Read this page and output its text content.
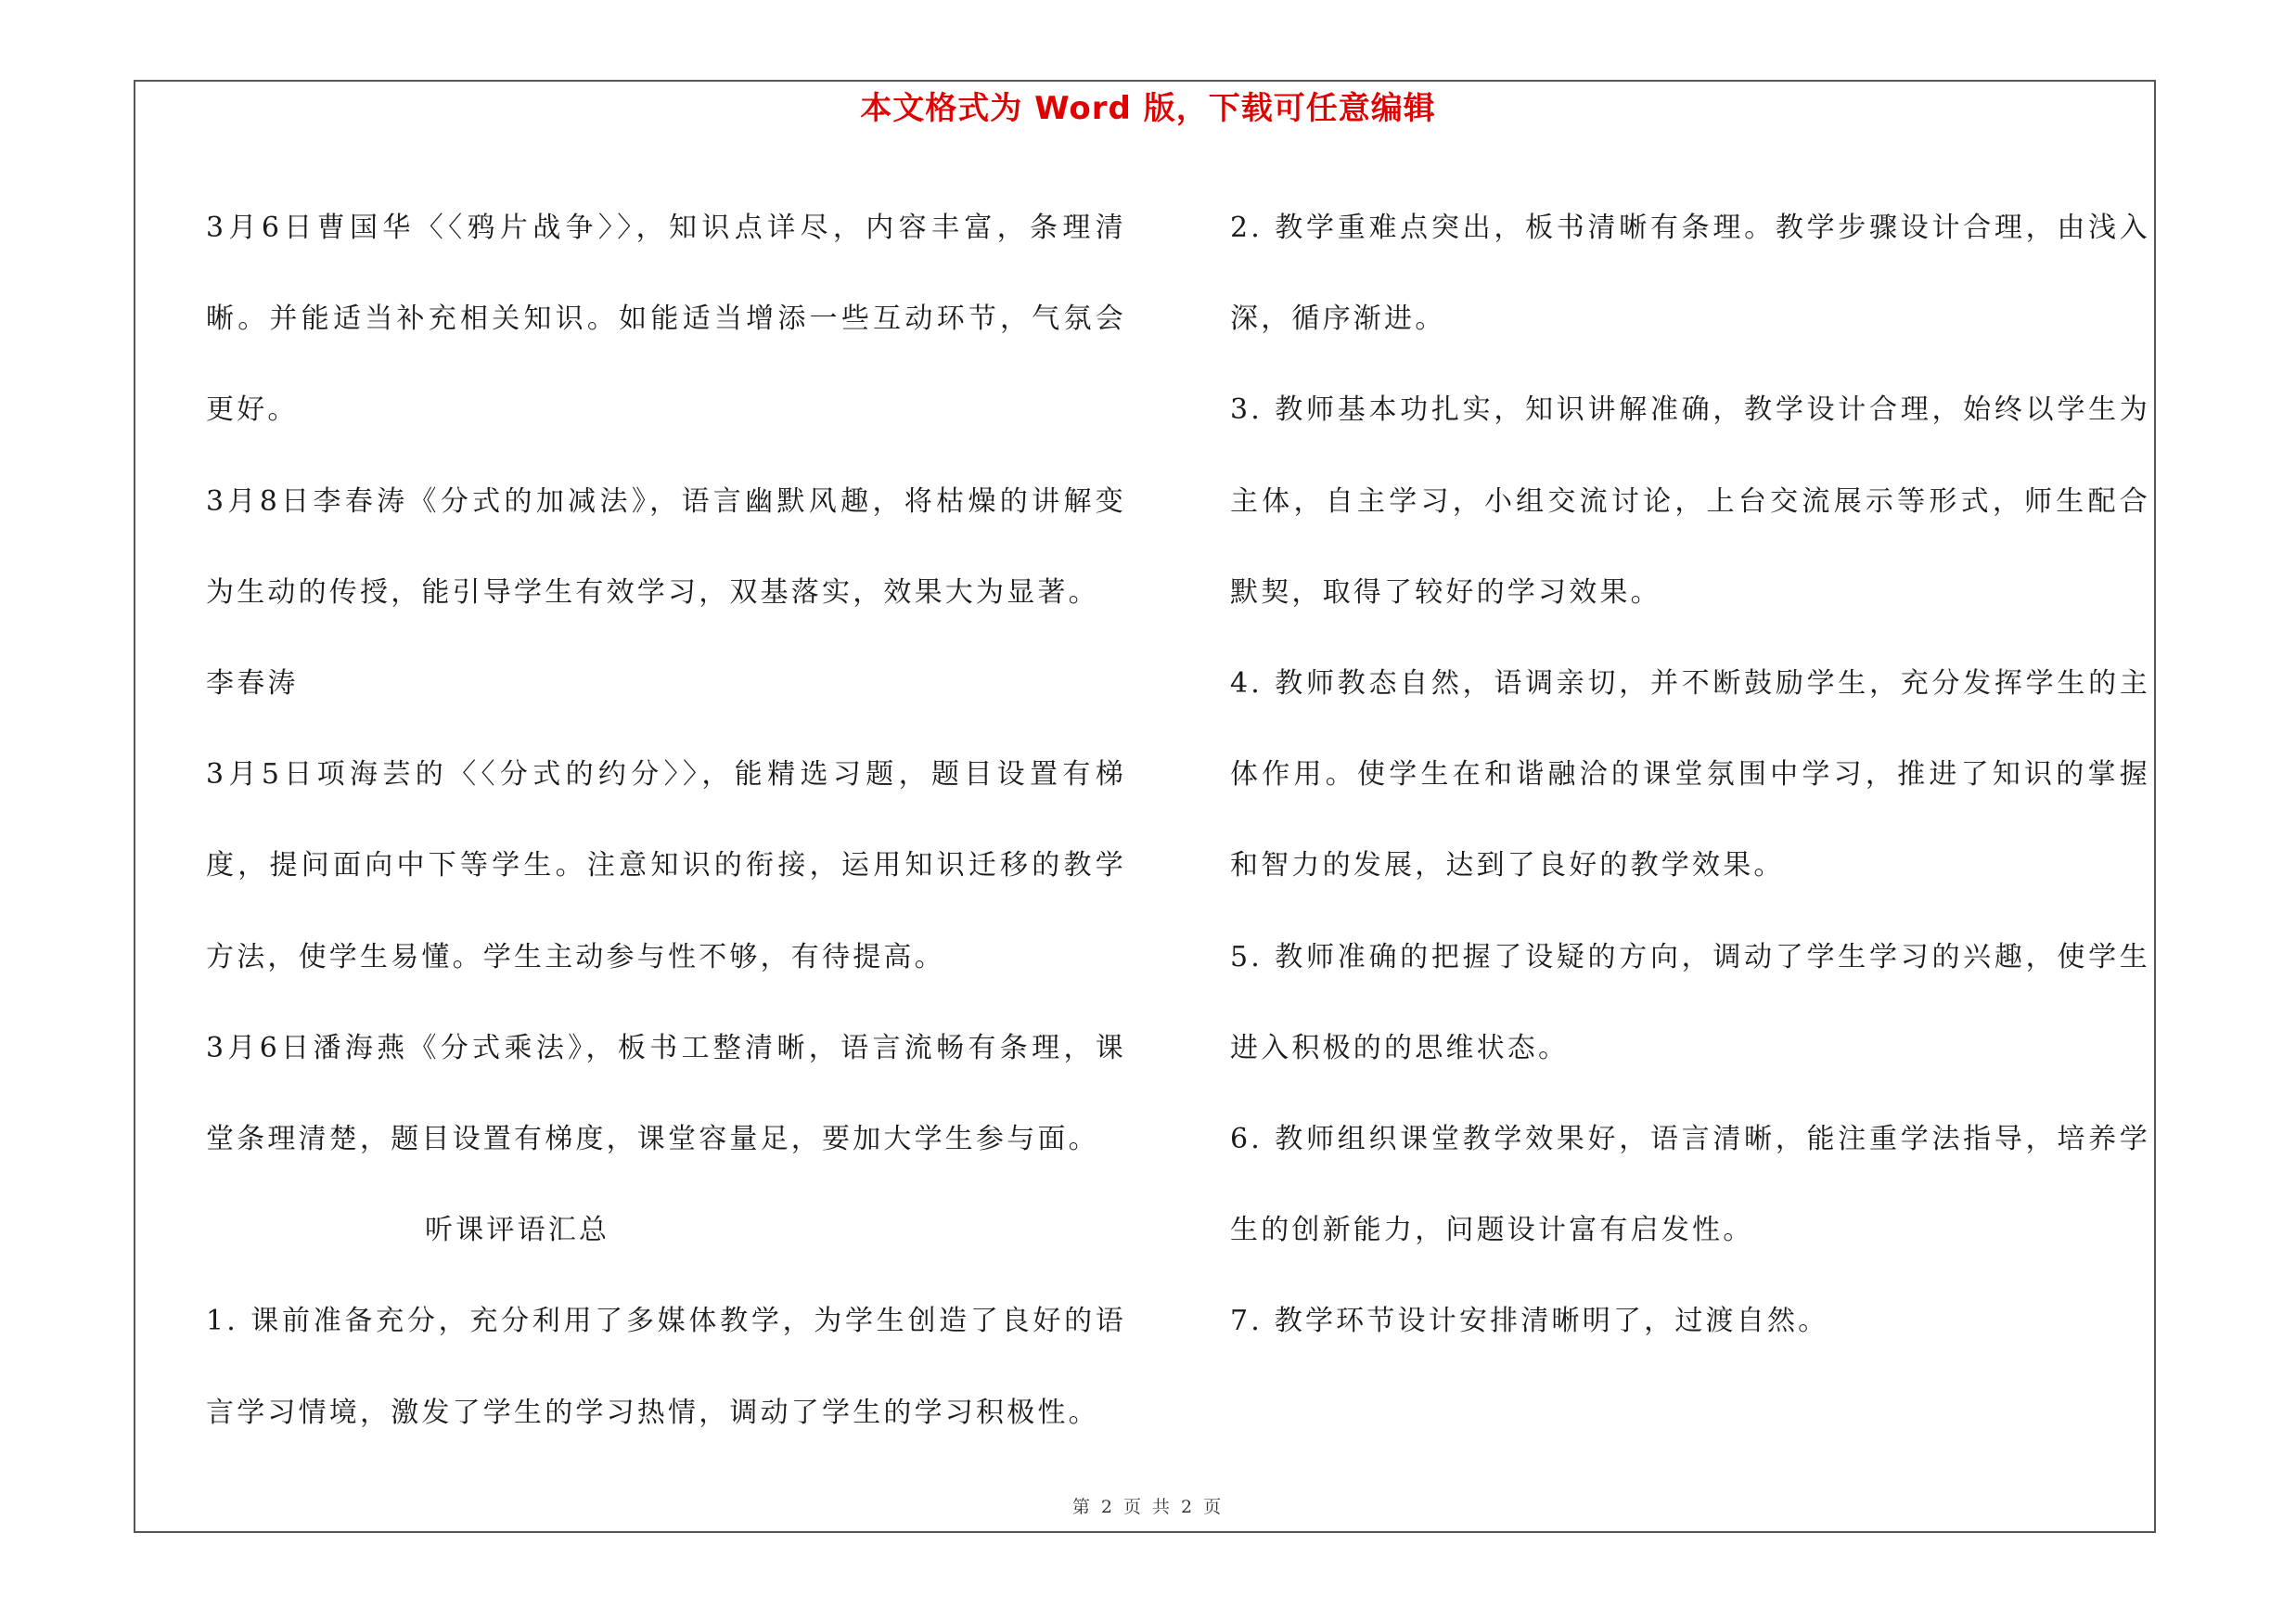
本文格式为 Word 版，下载可任意编辑

3月6日曹国华〈〈鸦片战争〉〉，知识点详尽，内容丰富，条理清晰。并能适当补充相关知识。如能适当增添一些互动环节，气氛会更好。

3月8日李春涛《分式的加减法》，语言幽默风趣，将枯燥的讲解变为生动的传授，能引导学生有效学习，双基落实，效果大为显著。

李春涛

3月5日项海芸的〈〈分式的约分〉〉，能精选习题，题目设置有梯度，提问面向中下等学生。注意知识的衔接，运用知识迁移的教学方法，使学生易懂。学生主动参与性不够，有待提高。

3月6日潘海燕《分式乘法》，板书工整清晰，语言流畅有条理，课堂条理清楚，题目设置有梯度，课堂容量足，要加大学生参与面。

听课评语汇总

1. 课前准备充分，充分利用了多媒体教学，为学生创造了良好的语言学习情境，激发了学生的学习热情，调动了学生的学习积极性。

2. 教学重难点突出，板书清晰有条理。教学步骤设计合理，由浅入深，循序渐进。

3. 教师基本功扎实，知识讲解准确，教学设计合理，始终以学生为主体，自主学习，小组交流讨论，上台交流展示等形式，师生配合默契，取得了较好的学习效果。

4. 教师教态自然，语调亲切，并不断鼓励学生，充分发挥学生的主体作用。使学生在和谐融洽的课堂氛围中学习，推进了知识的掌握和智力的发展，达到了良好的教学效果。

5. 教师准确的把握了设疑的方向，调动了学生学习的兴趣，使学生进入积极的的思维状态。

6. 教师组织课堂教学效果好，语言清晰，能注重学法指导，培养学生的创新能力，问题设计富有启发性。

7. 教学环节设计安排清晰明了，过渡自然。

第 2 页 共 2 页
